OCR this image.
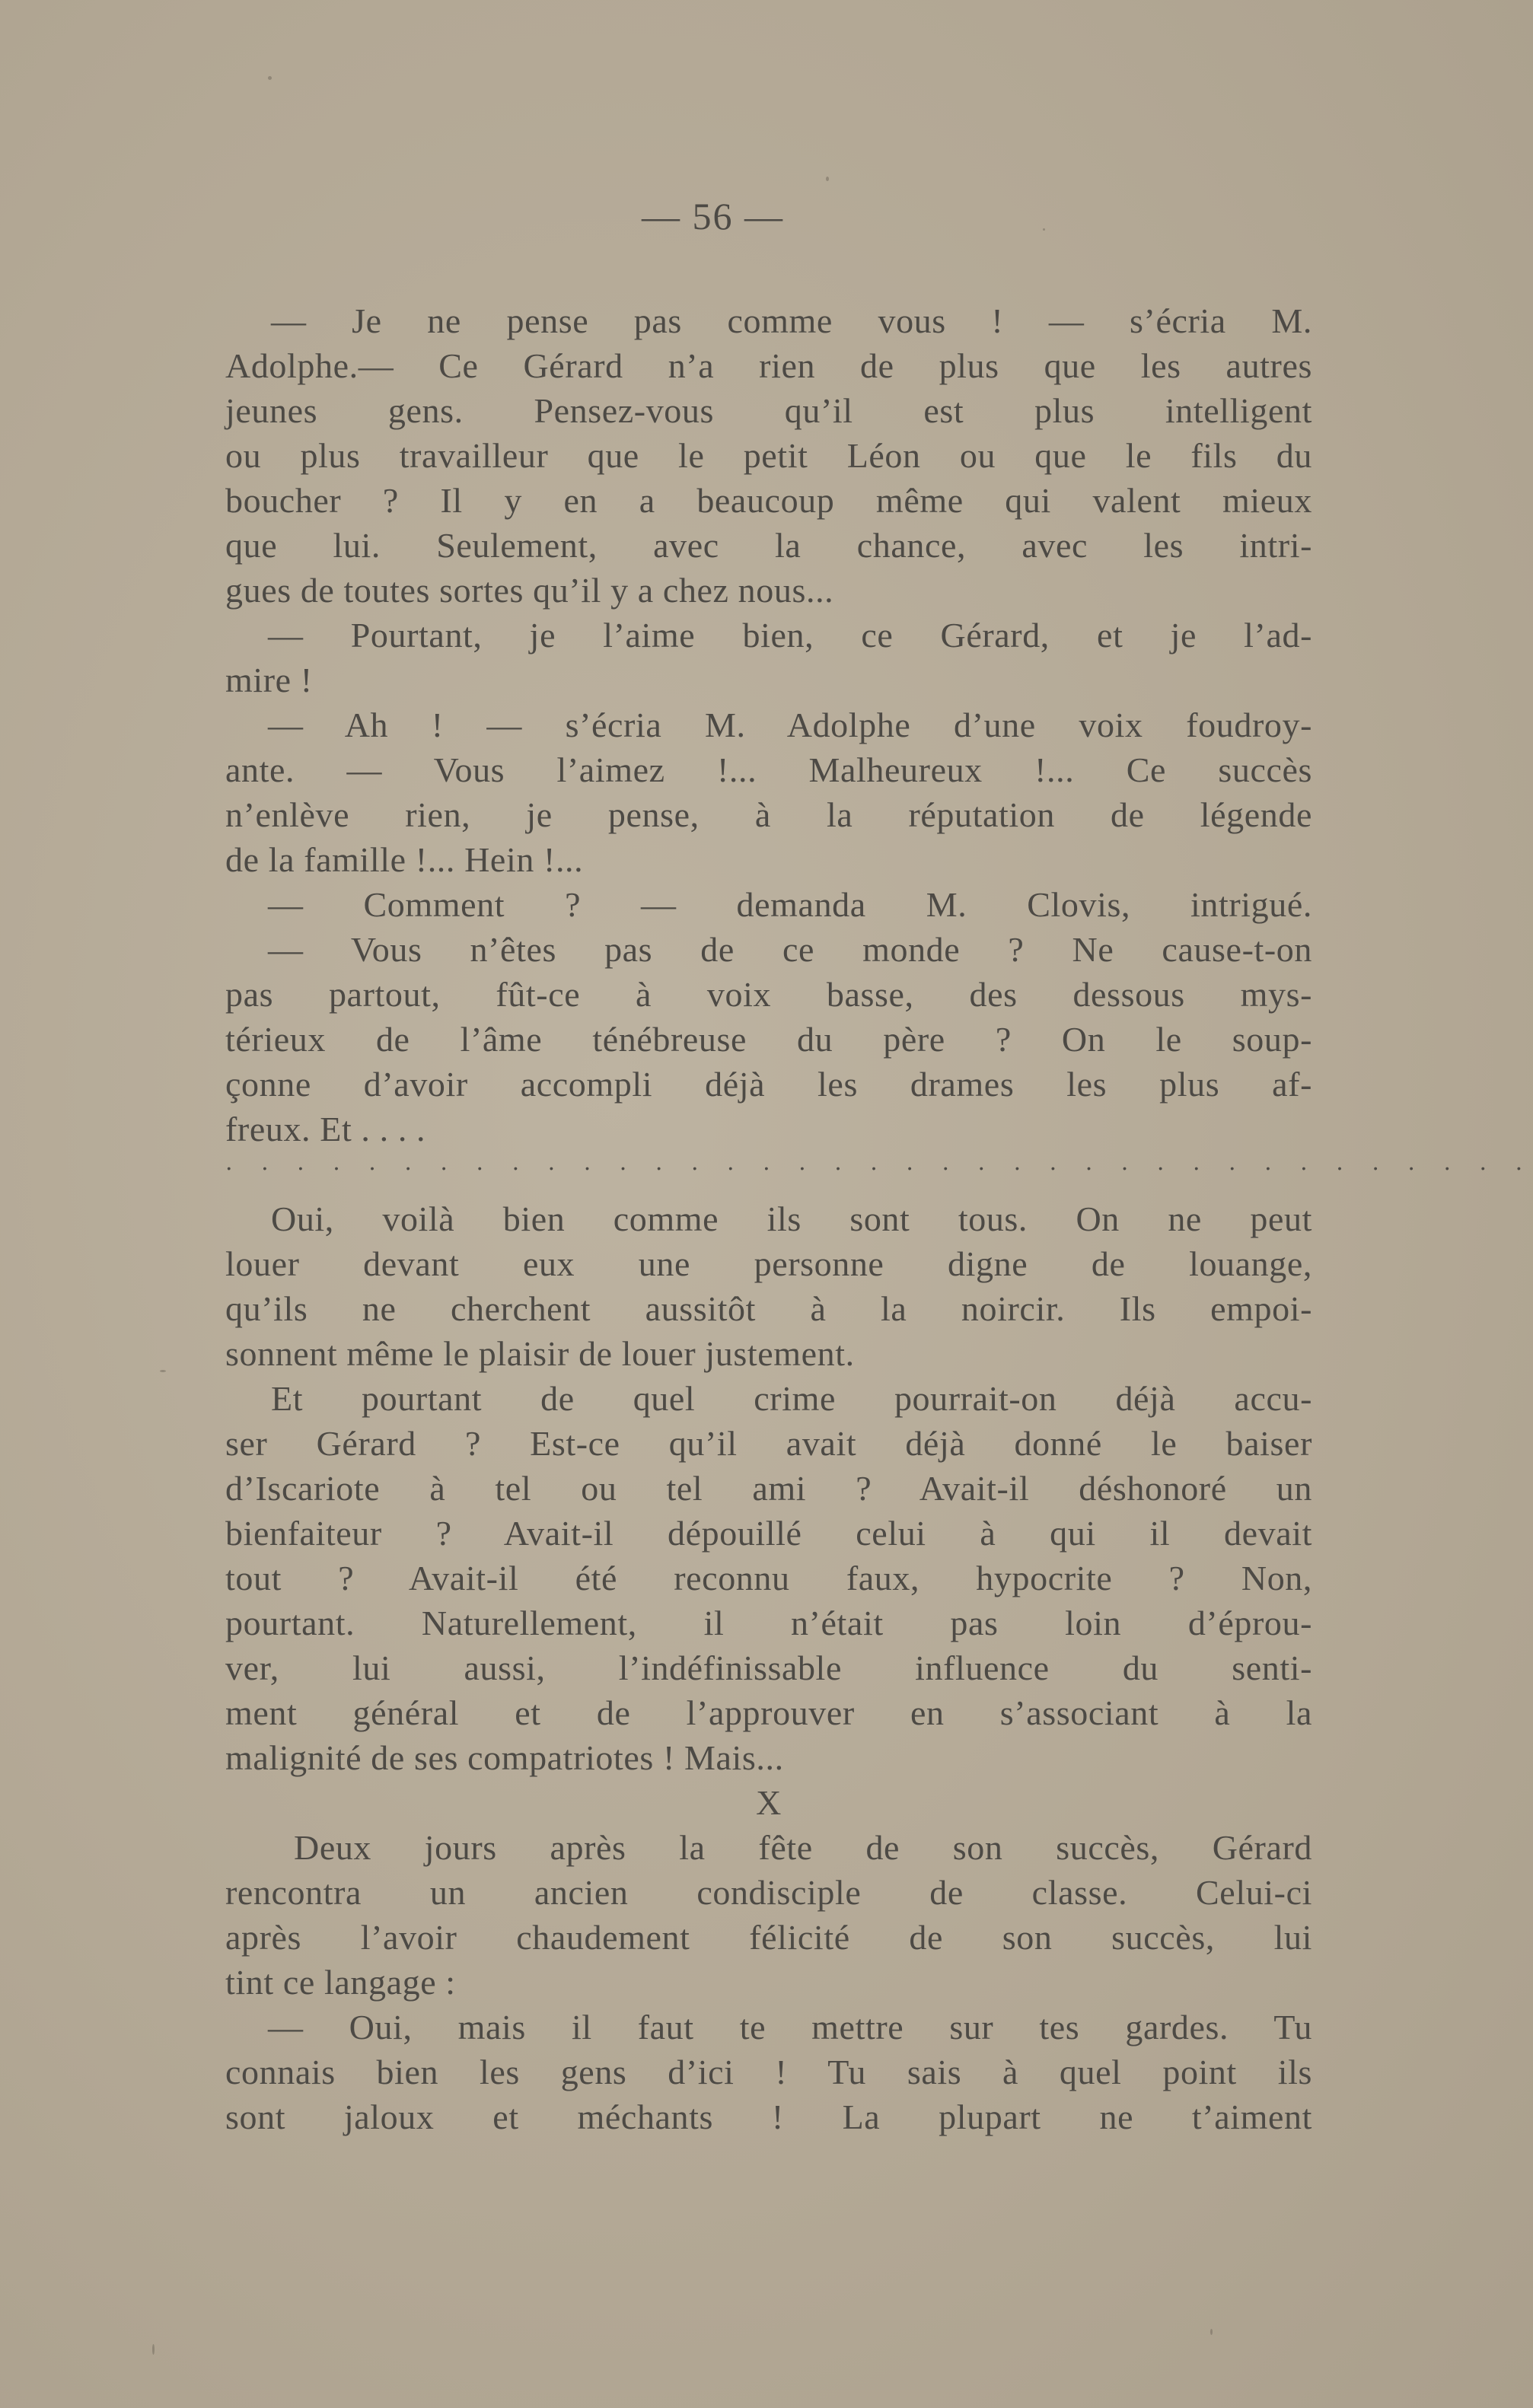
— 56 —
— Je ne pense pas comme vous ! — s’écria M.
Adolphe.— Ce Gérard n’a rien de plus que les autres
jeunes gens. Pensez-vous qu’il est plus intelligent
ou plus travailleur que le petit Léon ou que le fils du
boucher ? Il y en a beaucoup même qui valent mieux
que lui. Seulement, avec la chance, avec les intri-
gues de toutes sortes qu’il y a chez nous...
— Pourtant, je l’aime bien, ce Gérard, et je l’ad-
mire !
— Ah ! — s’écria M. Adolphe d’une voix foudroy-
ante. — Vous l’aimez !... Malheureux !... Ce succès
n’enlève rien, je pense, à la réputation de légende
de la famille !... Hein !...
— Comment ? — demanda M. Clovis, intrigué.
— Vous n’êtes pas de ce monde ? Ne cause-t-on
pas partout, fût-ce à voix basse, des dessous mys-
térieux de l’âme ténébreuse du père ? On le soup-
çonne d’avoir accompli déjà les drames les plus af-
freux. Et . . . .
. . . . . . . . . . . . . . . . . . . . . . . . . . . . . . . . . . . . .
Oui, voilà bien comme ils sont tous. On ne peut
louer devant eux une personne digne de louange,
qu’ils ne cherchent aussitôt à la noircir. Ils empoi-
sonnent même le plaisir de louer justement.
Et pourtant de quel crime pourrait-on déjà accu-
ser Gérard ? Est-ce qu’il avait déjà donné le baiser
d’Iscariote à tel ou tel ami ? Avait-il déshonoré un
bienfaiteur ? Avait-il dépouillé celui à qui il devait
tout ? Avait-il été reconnu faux, hypocrite ? Non,
pourtant. Naturellement, il n’était pas loin d’éprou-
ver, lui aussi, l’indéfinissable influence du senti-
ment général et de l’approuver en s’associant à la
malignité de ses compatriotes ! Mais...
X
Deux jours après la fête de son succès, Gérard
rencontra un ancien condisciple de classe. Celui-ci
après l’avoir chaudement félicité de son succès, lui
tint ce langage :
— Oui, mais il faut te mettre sur tes gardes. Tu
connais bien les gens d’ici ! Tu sais à quel point ils
sont jaloux et méchants ! La plupart ne t’aiment
